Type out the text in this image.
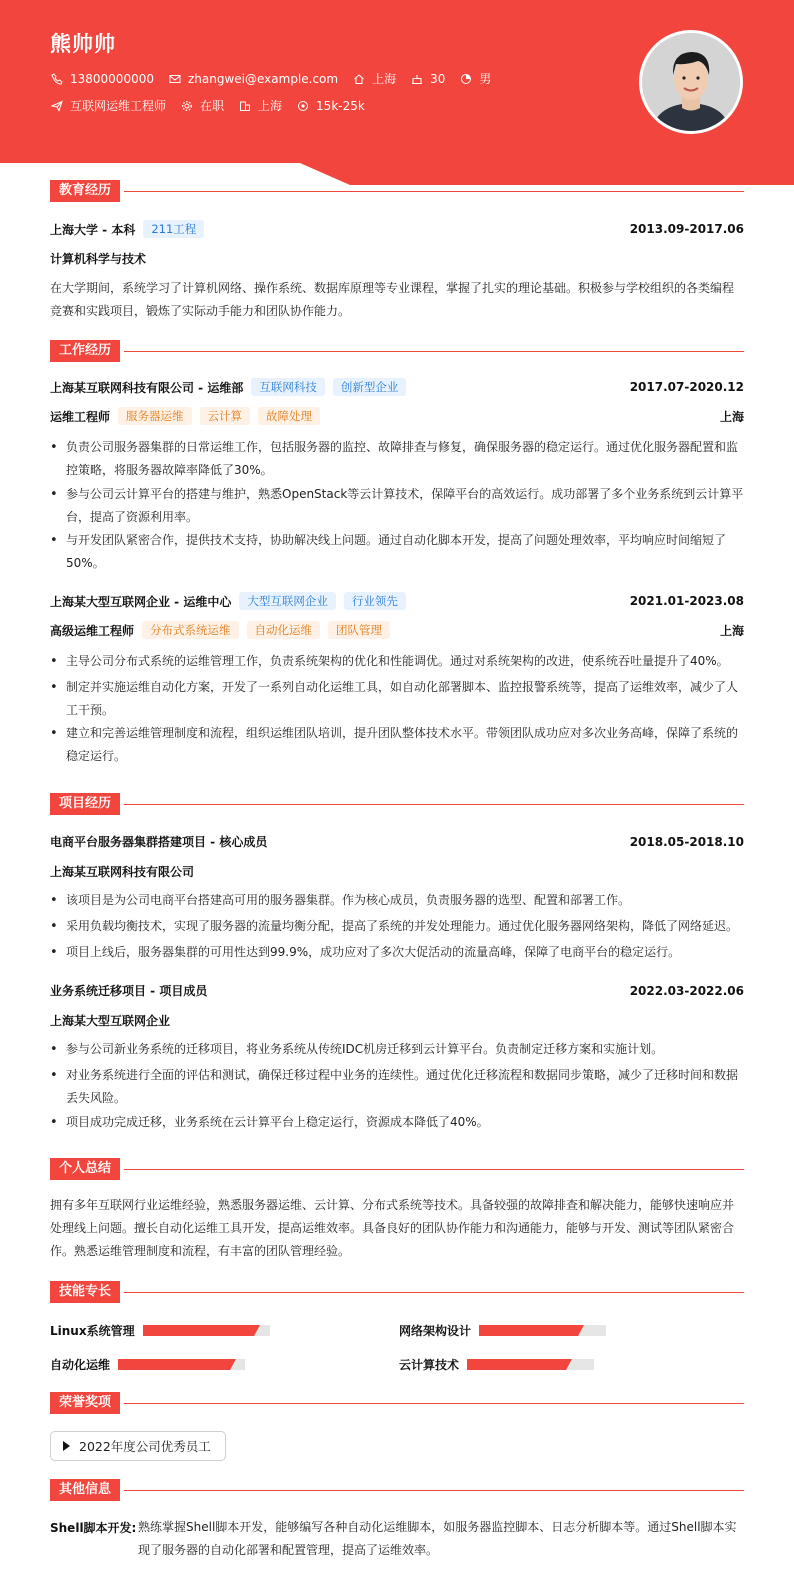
熊帅帅
13800000000	zhangwei@example.com	上海	30	男
互联网运维工程师	在职	上海	15k-25k
教育经历
上海大学 - 本科	211工程	2013.09-2017.06
计算机科学与技术
在大学期间，系统学习了计算机网络、操作系统、数据库原理等专业课程，掌握了扎实的理论基础。积极参与学校组织的各类编程竞赛和实践项目，锻炼了实际动手能力和团队协作能力。
工作经历
上海某互联网科技有限公司 - 运维部	互联网科技	创新型企业	2017.07-2020.12
运维工程师	服务器运维	云计算	故障处理	上海
• 负责公司服务器集群的日常运维工作，包括服务器的监控、故障排查与修复，确保服务器的稳定运行。通过优化服务器配置和监控策略，将服务器故障率降低了30%。
• 参与公司云计算平台的搭建与维护，熟悉OpenStack等云计算技术，保障平台的高效运行。成功部署了多个业务系统到云计算平台，提高了资源利用率。
• 与开发团队紧密合作，提供技术支持，协助解决线上问题。通过自动化脚本开发，提高了问题处理效率，平均响应时间缩短了50%。
上海某大型互联网企业 - 运维中心	大型互联网企业	行业领先	2021.01-2023.08
高级运维工程师	分布式系统运维	自动化运维	团队管理	上海
• 主导公司分布式系统的运维管理工作，负责系统架构的优化和性能调优。通过对系统架构的改进，使系统吞吐量提升了40%。
• 制定并实施运维自动化方案，开发了一系列自动化运维工具，如自动化部署脚本、监控报警系统等，提高了运维效率，减少了人工干预。
• 建立和完善运维管理制度和流程，组织运维团队培训，提升团队整体技术水平。带领团队成功应对多次业务高峰，保障了系统的稳定运行。
项目经历
电商平台服务器集群搭建项目 - 核心成员	2018.05-2018.10
上海某互联网科技有限公司
• 该项目是为公司电商平台搭建高可用的服务器集群。作为核心成员，负责服务器的选型、配置和部署工作。
• 采用负载均衡技术，实现了服务器的流量均衡分配，提高了系统的并发处理能力。通过优化服务器网络架构，降低了网络延迟。
• 项目上线后，服务器集群的可用性达到99.9%，成功应对了多次大促活动的流量高峰，保障了电商平台的稳定运行。
业务系统迁移项目 - 项目成员	2022.03-2022.06
上海某大型互联网企业
• 参与公司新业务系统的迁移项目，将业务系统从传统IDC机房迁移到云计算平台。负责制定迁移方案和实施计划。
• 对业务系统进行全面的评估和测试，确保迁移过程中业务的连续性。通过优化迁移流程和数据同步策略，减少了迁移时间和数据丢失风险。
• 项目成功完成迁移，业务系统在云计算平台上稳定运行，资源成本降低了40%。
个人总结
拥有多年互联网行业运维经验，熟悉服务器运维、云计算、分布式系统等技术。具备较强的故障排查和解决能力，能够快速响应并处理线上问题。擅长自动化运维工具开发，提高运维效率。具备良好的团队协作能力和沟通能力，能够与开发、测试等团队紧密合作。熟悉运维管理制度和流程，有丰富的团队管理经验。
技能专长
Linux系统管理	网络架构设计
自动化运维	云计算技术
荣誉奖项
2022年度公司优秀员工
其他信息
Shell脚本开发: 熟练掌握Shell脚本开发，能够编写各种自动化运维脚本，如服务器监控脚本、日志分析脚本等。通过Shell脚本实现了服务器的自动化部署和配置管理，提高了运维效率。
